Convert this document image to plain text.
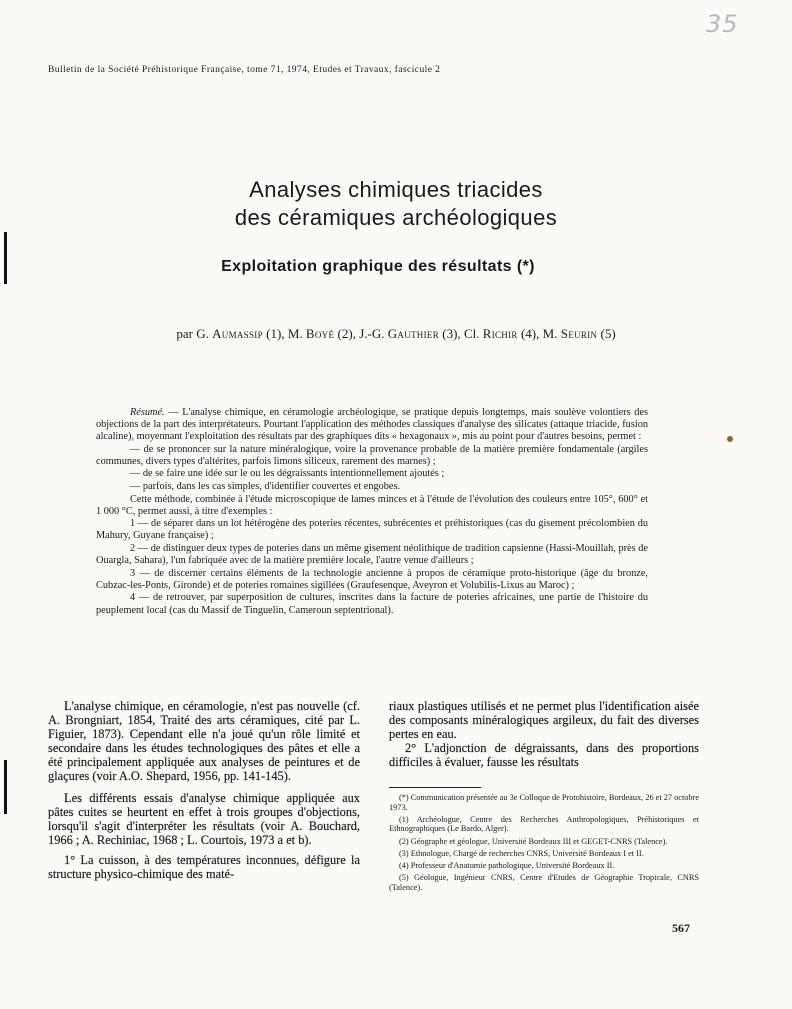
35
Bulletin de la Société Préhistorique Française, tome 71, 1974, Etudes et Travaux, fascicule 2
Analyses chimiques triacides
des céramiques archéologiques
Exploitation graphique des résultats (*)
par G. Aumassip (1), M. Boyé (2), J.-G. Gauthier (3), Cl. Richir (4), M. Seurin (5)

Résumé. — L'analyse chimique, en céramologie archéologique, se pratique depuis longtemps, mais soulève volontiers des objections de la part des interprétateurs. Pourtant l'application des méthodes classiques d'analyse des silicates (attaque triacide, fusion alcaline), moyennant l'exploitation des résultats par des graphiques dits « hexagonaux », mis au point pour d'autres besoins, permet :

— de se prononcer sur la nature minéralogique, voire la provenance probable de la matière première fondamentale (argiles communes, divers types d'altérites, parfois limons siliceux, rarement des marnes) ;

— de se faire une idée sur le ou les dégraissants intentionnellement ajoutés ;

— parfois, dans les cas simples, d'identifier couvertes et engobes.

Cette méthode, combinée à l'étude microscopique de lames minces et à l'étude de l'évolution des couleurs entre 105°, 600° et 1 000 °C, permet aussi, à titre d'exemples :

1 — de séparer dans un lot hétérogène des poteries récentes, subrécentes et préhistoriques (cas du gisement précolombien du Mahury, Guyane française) ;

2 — de distinguer deux types de poteries dans un même gisement néolithique de tradition capsienne (Hassi-Mouillah, près de Ouargla, Sahara), l'un fabriquée avec de la matière première locale, l'autre venue d'ailleurs ;

3 — de discerner certains éléments de la technologie ancienne à propos de céramique proto-historique (âge du bronze, Cubzac-les-Ponts, Gironde) et de poteries romaines sigillées (Graufesenque, Aveyron et Volubilis-Lixus au Maroc) ;

4 — de retrouver, par superposition de cultures, inscrites dans la facture de poteries africaines, une partie de l'histoire du peuplement local (cas du Massif de Tinguelin, Cameroun septentrional).

L'analyse chimique, en céramologie, n'est pas nouvelle (cf. A. Brongniart, 1854, Traité des arts céramiques, cité par L. Figuier, 1873). Cependant elle n'a joué qu'un rôle limité et secondaire dans les études technologiques des pâtes et elle a été principalement appliquée aux analyses de peintures et de glaçures (voir A.O. Shepard, 1956, pp. 141-145).

Les différents essais d'analyse chimique appliquée aux pâtes cuites se heurtent en effet à trois groupes d'objections, lorsqu'il s'agit d'interpréter les résultats (voir A. Bouchard, 1966 ; A. Rechiniac, 1968 ; L. Courtois, 1973 a et b).

1° La cuisson, à des températures inconnues, défigure la structure physico-chimique des maté-

riaux plastiques utilisés et ne permet plus l'identification aisée des composants minéralogiques argileux, du fait des diverses pertes en eau.

2° L'adjonction de dégraissants, dans des proportions difficiles à évaluer, fausse les résultats

(*) Communication présentée au 3e Colloque de Protohistoire, Bordeaux, 26 et 27 octobre 1973.

(1) Archéologue, Centre des Recherches Anthropologiques, Préhistoriques et Ethnographiques (Le Bardo, Alger).

(2) Géographe et géologue, Université Bordeaux III et GEGET-CNRS (Talence).

(3) Ethnologue, Chargé de recherches CNRS, Université Bordeaux I et II.

(4) Professeur d'Anatomie pathologique, Université Bordeaux II.

(5) Géologue, Ingénieur CNRS, Centre d'Etudes de Géographie Tropicale, CNRS (Talence).

567
